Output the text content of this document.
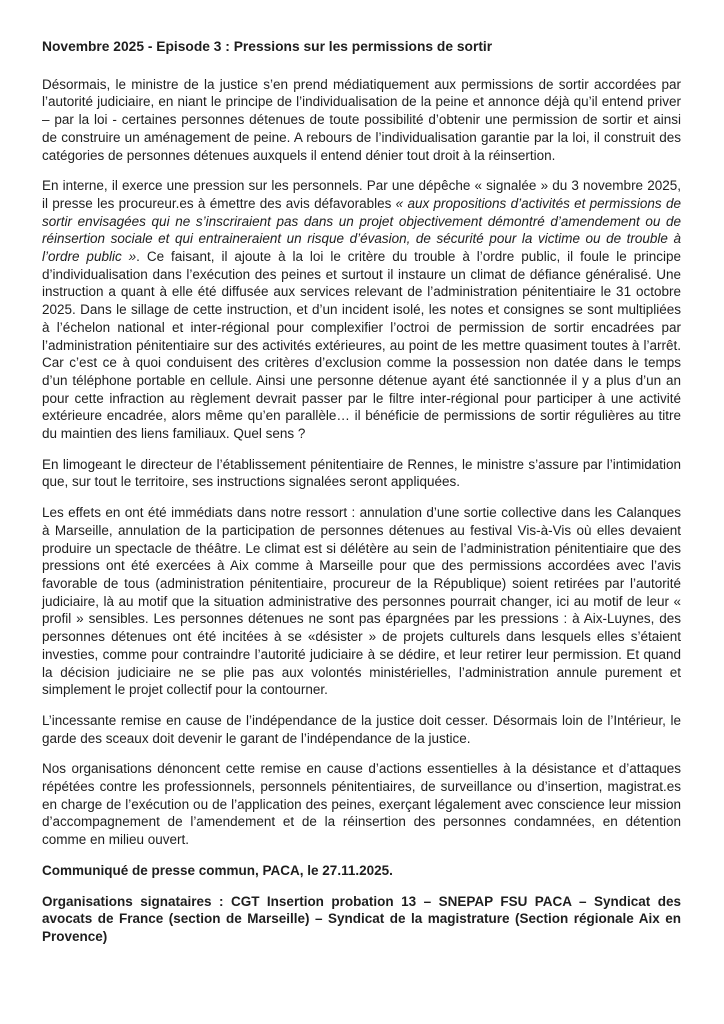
Novembre 2025 - Episode 3 : Pressions sur les permissions de sortir

Désormais, le ministre de la justice s’en prend médiatiquement aux permissions de sortir accordées par l’autorité judiciaire, en niant le principe de l’individualisation de la peine et annonce déjà qu’il entend priver – par la loi - certaines personnes détenues de toute possibilité d’obtenir une permission de sortir et ainsi de construire un aménagement de peine. A rebours de l’individualisation garantie par la loi, il construit des catégories de personnes détenues auxquels il entend dénier tout droit à la réinsertion.

En interne, il exerce une pression sur les personnels. Par une dépêche « signalée » du 3 novembre 2025, il presse les procureur.es à émettre des avis défavorables « aux propositions d’activités et permissions de sortir envisagées qui ne s’inscriraient pas dans un projet objectivement démontré d’amendement ou de réinsertion sociale et qui entraineraient un risque d’évasion, de sécurité pour la victime ou de trouble à l’ordre public ». Ce faisant, il ajoute à la loi le critère du trouble à l’ordre public, il foule le principe d’individualisation dans l’exécution des peines et surtout il instaure un climat de défiance généralisé. Une instruction a quant à elle été diffusée aux services relevant de l’administration pénitentiaire le 31 octobre 2025. Dans le sillage de cette instruction, et d’un incident isolé, les notes et consignes se sont multipliées à l’échelon national et inter-régional pour complexifier l’octroi de permission de sortir encadrées par l’administration pénitentiaire sur des activités extérieures, au point de les mettre quasiment toutes à l’arrêt. Car c’est ce à quoi conduisent des critères d’exclusion comme la possession non datée dans le temps d’un téléphone portable en cellule. Ainsi une personne détenue ayant été sanctionnée il y a plus d’un an pour cette infraction au règlement devrait passer par le filtre inter-régional pour participer à une activité extérieure encadrée, alors même qu’en parallèle… il bénéficie de permissions de sortir régulières au titre du maintien des liens familiaux. Quel sens ?

En limogeant le directeur de l’établissement pénitentiaire de Rennes, le ministre s’assure par l’intimidation que, sur tout le territoire, ses instructions signalées seront appliquées.

Les effets en ont été immédiats dans notre ressort : annulation d’une sortie collective dans les Calanques à Marseille, annulation de la participation de personnes détenues au festival Vis-à-Vis où elles devaient produire un spectacle de théâtre. Le climat est si délétère au sein de l’administration pénitentiaire que des pressions ont été exercées à Aix comme à Marseille pour que des permissions accordées avec l’avis favorable de tous (administration pénitentiaire, procureur de la République) soient retirées par l’autorité judiciaire, là au motif que la situation administrative des personnes pourrait changer, ici au motif de leur « profil » sensibles. Les personnes détenues ne sont pas épargnées par les pressions : à Aix-Luynes, des personnes détenues ont été incitées à se «désister » de projets culturels dans lesquels elles s’étaient investies, comme pour contraindre l’autorité judiciaire à se dédire, et leur retirer leur permission. Et quand la décision judiciaire ne se plie pas aux volontés ministérielles, l’administration annule purement et simplement le projet collectif pour la contourner.

L’incessante remise en cause de l’indépendance de la justice doit cesser. Désormais loin de l’Intérieur, le garde des sceaux doit devenir le garant de l’indépendance de la justice.

Nos organisations dénoncent cette remise en cause d’actions essentielles à la désistance et d’attaques répétées contre les professionnels, personnels pénitentiaires, de surveillance ou d’insertion, magistrat.es en charge de l’exécution ou de l’application des peines, exerçant légalement avec conscience leur mission d’accompagnement de l’amendement et de la réinsertion des personnes condamnées, en détention comme en milieu ouvert.

Communiqué de presse commun, PACA, le 27.11.2025.

Organisations signataires : CGT Insertion probation 13 – SNEPAP FSU PACA – Syndicat des avocats de France (section de Marseille) – Syndicat de la magistrature (Section régionale Aix en Provence)
